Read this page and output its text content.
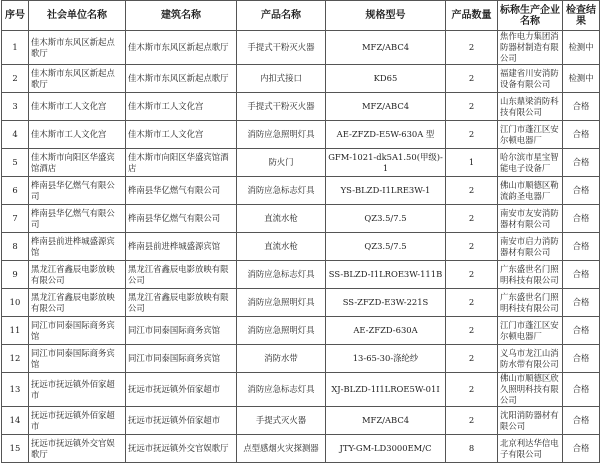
序号	社会单位名称	建筑名称	产品名称	规格型号	产品数量	标称生产企业名称	检查结果
1	佳木斯市东风区新起点歌厅	佳木斯市东风区新起点歌厅	手提式干粉灭火器	MFZ/ABC4	2	焦作电力集团消防器材制造有限公司	检测中
2	佳木斯市东风区新起点歌厅	佳木斯市东风区新起点歌厅	内扣式接口	KD65	2	福建省川安消防设备有限公司	检测中
3	佳木斯市工人文化宫	佳木斯市工人文化宫	手提式干粉灭火器	MFZ/ABC4	2	山东鼎梁消防科技有限公司	合格
4	佳木斯市工人文化宫	佳木斯市工人文化宫	消防应急照明灯具	AE-ZFZD-E5W-630A 型	2	江门市蓬江区安尔顿电器厂	合格
5	佳木斯市向阳区华盛宾馆酒店	佳木斯市向阳区华盛宾馆酒店	防火门	GFM-1021-dk5A1.50(甲级)-1	1	哈尔滨市星宝智能电子设备厂	合格
6	桦南县华亿燃气有限公司	桦南县华亿燃气有限公司	消防应急标志灯具	YS-BLZD-Ⅰ1LRE3W-1	2	佛山市顺德区勒流韵圣电器厂	合格
7	桦南县华亿燃气有限公司	桦南县华亿燃气有限公司	直流水枪	QZ3.5/7.5	2	南安市友安消防器材有限公司	合格
8	桦南县前进桦城盛源宾馆	桦南县前进桦城盛源宾馆	直流水枪	QZ3.5/7.5	2	南安市启力消防器材有限公司	合格
9	黑龙江省鑫辰电影放映有限公司	黑龙江省鑫辰电影放映有限公司	消防应急标志灯具	SS-BLZD-Ⅰ1LROE3W-111B	2	广东盛世名门照明科技有限公司	合格
10	黑龙江省鑫辰电影放映有限公司	黑龙江省鑫辰电影放映有限公司	消防应急照明灯具	SS-ZFZD-E3W-221S	2	广东盛世名门照明科技有限公司	合格
11	同江市同泰国际商务宾馆	同江市同泰国际商务宾馆	消防应急照明灯具	AE-ZFZD-630A	2	江门市蓬江区安尔顿电器厂	合格
12	同江市同泰国际商务宾馆	同江市同泰国际商务宾馆	消防水带	13-65-30-涤纶纱	2	义乌市龙江山消防水带有限公司	合格
13	抚远市抚远镇外佰家超市	抚远市抚远镇外佰家超市	消防应急标志灯具	XJ-BLZD-1I1LROE5W-01I	2	佛山市顺德区欣久照明科技有限公司	合格
14	抚远市抚远镇外佰家超市	抚远市抚远镇外佰家超市	手提式灭火器	MFZ/ABC4	2	沈阳消防器材有限公司	合格
15	抚远市抚远镇外交官娱歌厅	抚远市抚远镇外交官娱歌厅	点型感烟火灾探测器	JTY-GM-LD3000EM/C	8	北京利达华信电子有限公司	合格
